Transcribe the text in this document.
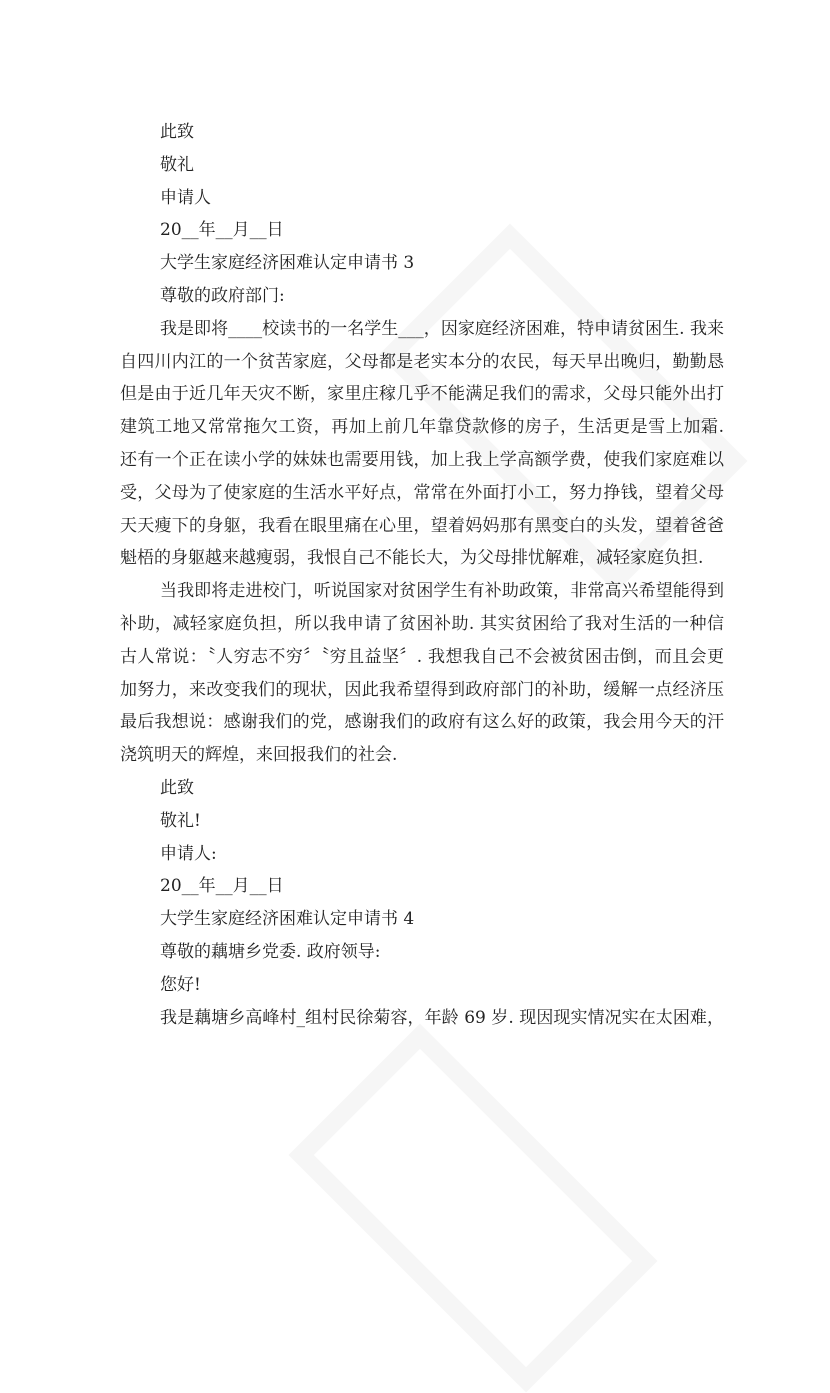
此致
敬礼
申请人
20__年__月__日
大学生家庭经济困难认定申请书 3
尊敬的政府部门:
我是即将____校读书的一名学生___，因家庭经济困难，特申请贫困生. 我来
自四川内江的一个贫苦家庭，父母都是老实本分的农民，每天早出晚归，勤勤恳
但是由于近几年天灾不断，家里庄稼几乎不能满足我们的需求，父母只能外出打
建筑工地又常常拖欠工资，再加上前几年靠贷款修的房子，生活更是雪上加霜.
还有一个正在读小学的妹妹也需要用钱，加上我上学高额学费，使我们家庭难以
受，父母为了使家庭的生活水平好点，常常在外面打小工，努力挣钱，望着父母
天天瘦下的身躯，我看在眼里痛在心里，望着妈妈那有黑变白的头发，望着爸爸
魁梧的身躯越来越瘦弱，我恨自己不能长大，为父母排忧解难，减轻家庭负担.
当我即将走进校门，听说国家对贫困学生有补助政策，非常高兴希望能得到
补助，减轻家庭负担，所以我申请了贫困补助. 其实贫困给了我对生活的一种信
古人常说：〝人穷志不穷〞〝穷且益坚〞. 我想我自己不会被贫困击倒，而且会更
加努力，来改变我们的现状，因此我希望得到政府部门的补助，缓解一点经济压
最后我想说：感谢我们的党，感谢我们的政府有这么好的政策，我会用今天的汗
浇筑明天的辉煌，来回报我们的社会.
此致
敬礼!
申请人:
20__年__月__日
大学生家庭经济困难认定申请书 4
尊敬的藕塘乡党委. 政府领导:
您好!
我是藕塘乡高峰村_组村民徐菊容，年龄 69 岁. 现因现实情况实在太困难，
